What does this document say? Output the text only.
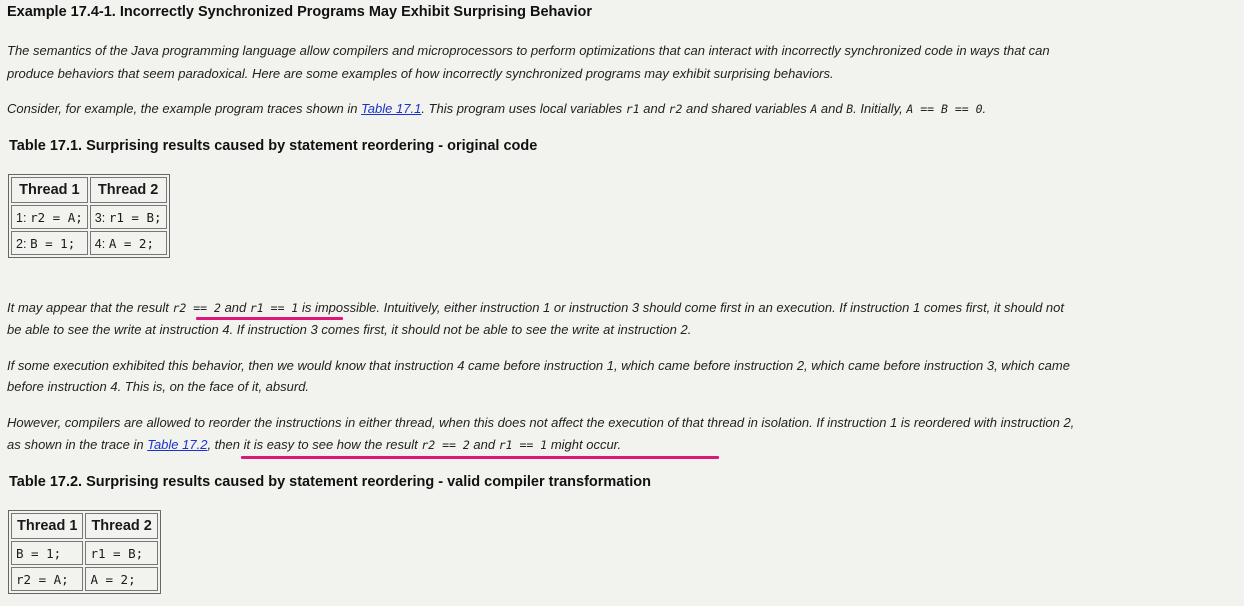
Example 17.4-1. Incorrectly Synchronized Programs May Exhibit Surprising Behavior

The semantics of the Java programming language allow compilers and microprocessors to perform optimizations that can interact with incorrectly synchronized code in ways that can

produce behaviors that seem paradoxical. Here are some examples of how incorrectly synchronized programs may exhibit surprising behaviors.

Consider, for example, the example program traces shown in Table 17.1. This program uses local variables r1 and r2 and shared variables A and B. Initially, A == B == 0.

Table 17.1. Surprising results caused by statement reordering - original code
Thread 1	Thread 2
1: r2 = A;	3: r1 = B;
2: B = 1;	4: A = 2;

It may appear that the result r2 == 2 and r1 == 1 is impossible. Intuitively, either instruction 1 or instruction 3 should come first in an execution. If instruction 1 comes first, it should not

be able to see the write at instruction 4. If instruction 3 comes first, it should not be able to see the write at instruction 2.

If some execution exhibited this behavior, then we would know that instruction 4 came before instruction 1, which came before instruction 2, which came before instruction 3, which came

before instruction 4. This is, on the face of it, absurd.

However, compilers are allowed to reorder the instructions in either thread, when this does not affect the execution of that thread in isolation. If instruction 1 is reordered with instruction 2,

as shown in the trace in Table 17.2, then it is easy to see how the result r2 == 2 and r1 == 1 might occur.

Table 17.2. Surprising results caused by statement reordering - valid compiler transformation
Thread 1	Thread 2
B = 1;	r1 = B;
r2 = A;	A = 2;
